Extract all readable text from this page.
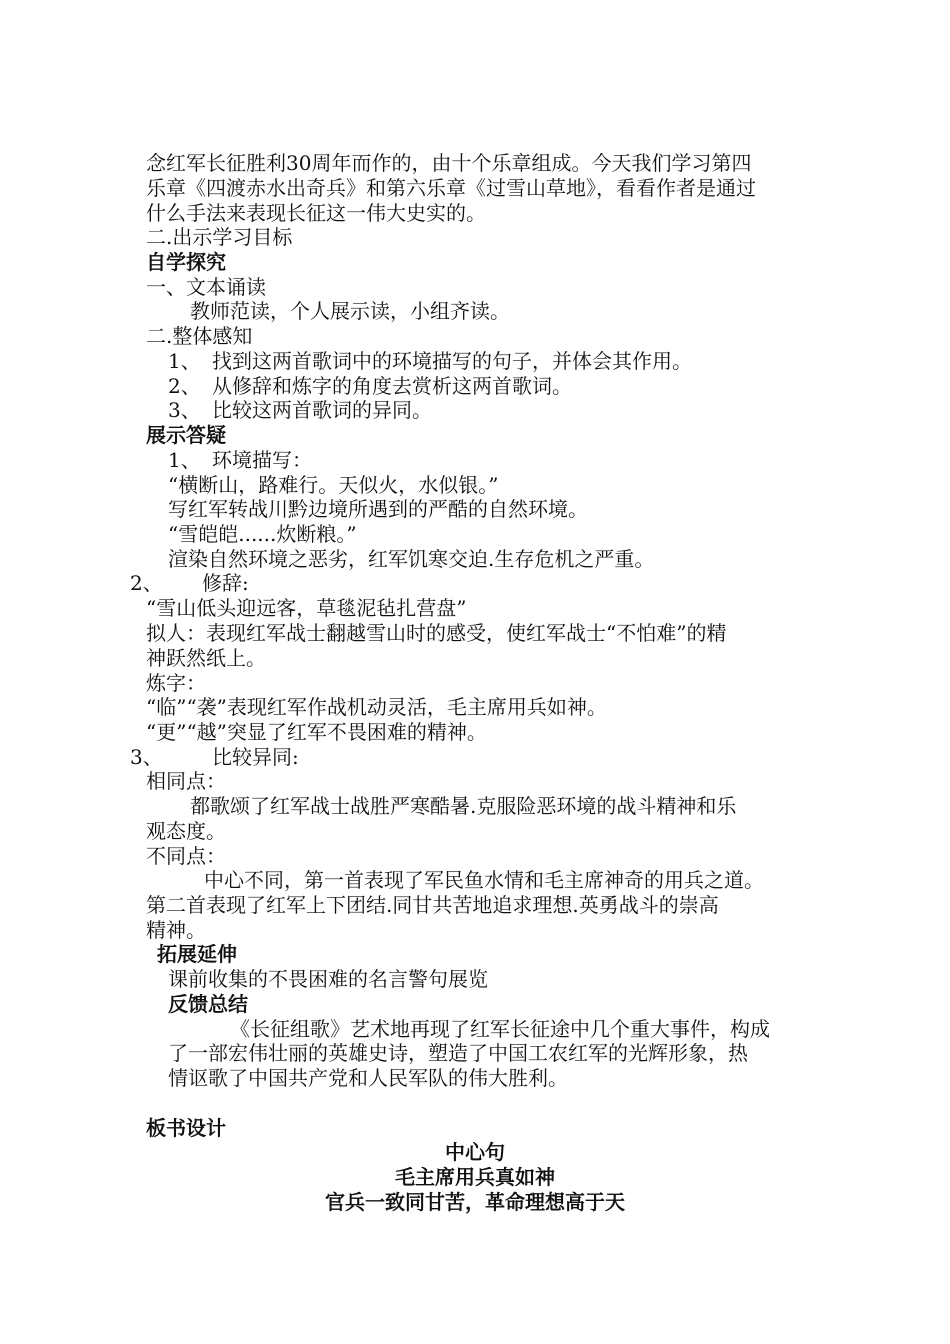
念红军长征胜利30周年而作的，由十个乐章组成。今天我们学习第四
乐章《四渡赤水出奇兵》和第六乐章《过雪山草地》，看看作者是通过
什么手法来表现长征这一伟大史实的。
二.出示学习目标
自学探究
一、文本诵读
教师范读，个人展示读，小组齐读。
二.整体感知
1、 找到这两首歌词中的环境描写的句子，并体会其作用。
2、 从修辞和炼字的角度去赏析这两首歌词。
3、 比较这两首歌词的异同。
展示答疑
1、 环境描写：
“横断山，路难行。天似火，水似银。”
写红军转战川黔边境所遇到的严酷的自然环境。
“雪皑皑......炊断粮。”
渲染自然环境之恶劣，红军饥寒交迫.生存危机之严重。
2、 修辞:
“雪山低头迎远客，草毯泥毡扎营盘”
拟人：表现红军战士翻越雪山时的感受，使红军战士“不怕难”的精
神跃然纸上。
炼字：
“临”“袭”表现红军作战机动灵活，毛主席用兵如神。
“更”“越”突显了红军不畏困难的精神。
3、 比较异同:
相同点：
都歌颂了红军战士战胜严寒酷暑.克服险恶环境的战斗精神和乐
观态度。
不同点：
中心不同，第一首表现了军民鱼水情和毛主席神奇的用兵之道。
第二首表现了红军上下团结.同甘共苦地追求理想.英勇战斗的崇高
精神。
拓展延伸
课前收集的不畏困难的名言警句展览
反馈总结
《长征组歌》艺术地再现了红军长征途中几个重大事件，构成
了一部宏伟壮丽的英雄史诗，塑造了中国工农红军的光辉形象，热
情讴歌了中国共产党和人民军队的伟大胜利。
板书设计
中心句
毛主席用兵真如神
官兵一致同甘苦，革命理想高于天
